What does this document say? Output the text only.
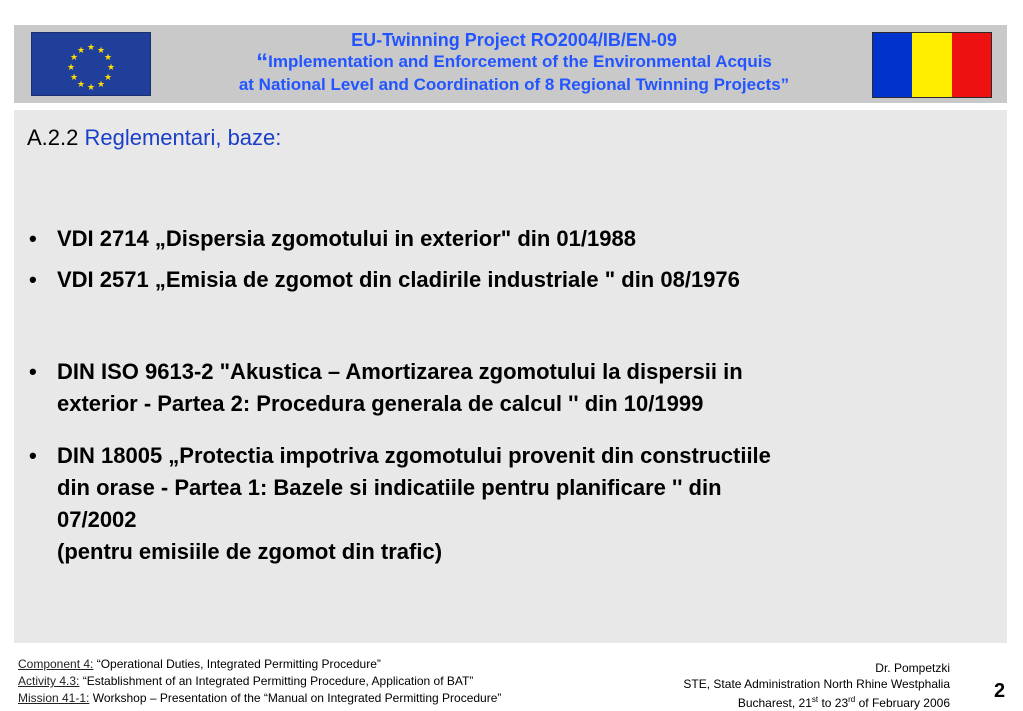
★ ★
★
★
★
★
★
★
★
★
★
★
EU-Twinning Project RO2004/IB/EN-09
“Implementation and Enforcement of the Environmental Acquis
at National Level and Coordination of 8 Regional Twinning Projects”
A.2.2 Reglementari, baze:
• VDI 2714 „Dispersia zgomotului in exterior" din 01/1988
• VDI 2571 „Emisia de zgomot din cladirile industriale " din 08/1976
• DIN ISO 9613-2 "Akustica – Amortizarea zgomotului la dispersii in
exterior - Partea 2: Procedura generala de calcul '' din 10/1999
• DIN 18005 „Protectia impotriva zgomotului provenit din constructiile
din orase - Partea 1: Bazele si indicatiile pentru planificare '' din
07/2002
(pentru emisiile de zgomot din trafic)
Component 4: “Operational Duties, Integrated Permitting Procedure”
Activity 4.3: “Establishment of an Integrated Permitting Procedure, Application of BAT”
Mission 41-1: Workshop – Presentation of the “Manual on Integrated Permitting Procedure”
Dr. Pompetzki
STE, State Administration North Rhine Westphalia
Bucharest, 21st to 23rd of February 2006
2
